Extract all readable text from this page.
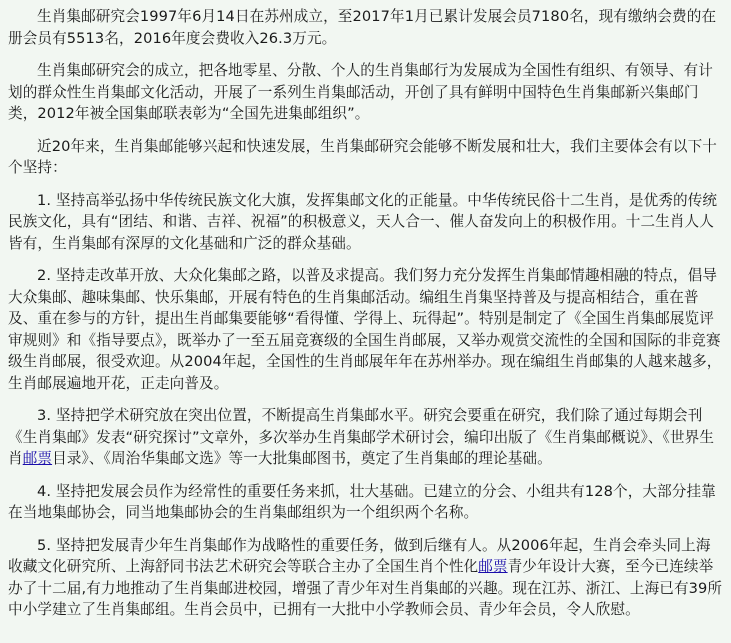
生肖集邮研究会1997年6月14日在苏州成立，至2017年1月已累计发展会员7180名，现有缴纳会费的在册会员有5513名，2016年度会费收入26.3万元。

生肖集邮研究会的成立，把各地零星、分散、个人的生肖集邮行为发展成为全国性有组织、有领导、有计划的群众性生肖集邮文化活动，开展了一系列生肖集邮活动，开创了具有鲜明中国特色生肖集邮新兴集邮门类，2012年被全国集邮联表彰为“全国先进集邮组织”。

近20年来，生肖集邮能够兴起和快速发展，生肖集邮研究会能够不断发展和壮大，我们主要体会有以下十个坚持：

1. 坚持高举弘扬中华传统民族文化大旗，发挥集邮文化的正能量。中华传统民俗十二生肖，是优秀的传统民族文化，具有“团结、和谐、吉祥、祝福”的积极意义，天人合一、催人奋发向上的积极作用。十二生肖人人皆有，生肖集邮有深厚的文化基础和广泛的群众基础。

2. 坚持走改革开放、大众化集邮之路，以普及求提高。我们努力充分发挥生肖集邮情趣相融的特点，倡导大众集邮、趣味集邮、快乐集邮，开展有特色的生肖集邮活动。编组生肖集坚持普及与提高相结合，重在普及、重在参与的方针，提出生肖邮集要能够“看得懂、学得上、玩得起”。特别是制定了《全国生肖集邮展览评审规则》和《指导要点》，既举办了一至五届竞赛级的全国生肖邮展，又举办观赏交流性的全国和国际的非竞赛级生肖邮展，很受欢迎。从2004年起，全国性的生肖邮展年年在苏州举办。现在编组生肖邮集的人越来越多，生肖邮展遍地开花，正走向普及。

3. 坚持把学术研究放在突出位置，不断提高生肖集邮水平。研究会要重在研究，我们除了通过每期会刊《生肖集邮》发表“研究探讨”文章外，多次举办生肖集邮学术研讨会，编印出版了《生肖集邮概说》、《世界生肖邮票目录》、《周治华集邮文选》等一大批集邮图书，奠定了生肖集邮的理论基础。

4. 坚持把发展会员作为经常性的重要任务来抓，壮大基础。已建立的分会、小组共有128个，大部分挂靠在当地集邮协会，同当地集邮协会的生肖集邮组织为一个组织两个名称。

5. 坚持把发展青少年生肖集邮作为战略性的重要任务，做到后继有人。从2006年起，生肖会牵头同上海收藏文化研究所、上海舒同书法艺术研究会等联合主办了全国生肖个性化邮票青少年设计大赛，至今已连续举办了十二届,有力地推动了生肖集邮进校园，增强了青少年对生肖集邮的兴趣。现在江苏、浙江、上海已有39所中小学建立了生肖集邮组。生肖会员中，已拥有一大批中小学教师会员、青少年会员，令人欣慰。
